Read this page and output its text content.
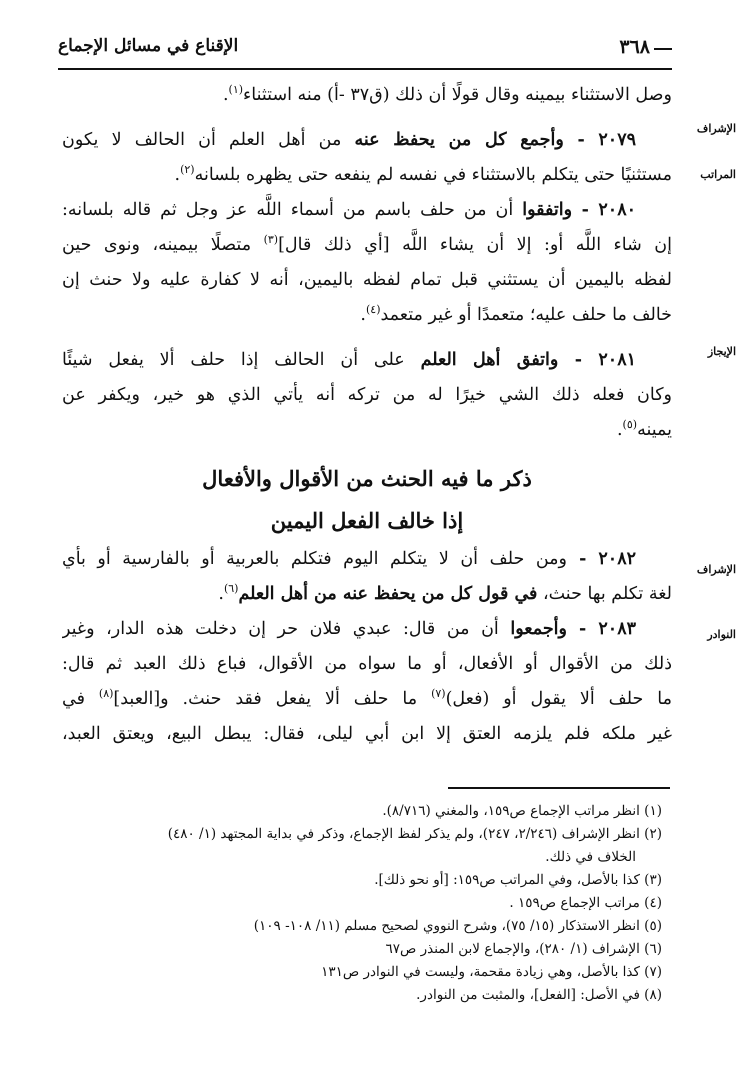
الإقناع في مسائل الإجماع	٣٦٨
الإشراف
المراتب
الإيجاز
الإشراف
النوادر
وصل الاستثناء بيمينه وقال قولًا أن ذلك (ق٣٧ -أ) منه استثناء$^{(١)}$.
٢٠٧٩ - وأجمع كل من يحفظ عنه من أهل العلم أن الحالف لا يكون
مستثنيًا حتى يتكلم بالاستثناء في نفسه لم ينفعه حتى يظهره بلسانه$^{(٢)}$.
٢٠٨٠ - واتفقوا أن من حلف باسم من أسماء اللَّه عز وجل ثم قاله بلسانه:
إن شاء اللَّه أو: إلا أن يشاء اللَّه [أي ذلك قال]$^{(٣)}$ متصلًا بيمينه، ونوى حين
لفظه باليمين أن يستثني قبل تمام لفظه باليمين، أنه لا كفارة عليه ولا حنث إن
خالف ما حلف عليه؛ متعمدًا أو غير متعمد$^{(٤)}$.
٢٠٨١ - واتفق أهل العلم على أن الحالف إذا حلف ألا يفعل شيئًا
وكان فعله ذلك الشي خيرًا له من تركه أنه يأتي الذي هو خير، ويكفر عن
يمينه$^{(٥)}$.
ذكر ما فيه الحنث من الأقوال والأفعال
إذا خالف الفعل اليمين
٢٠٨٢ - ومن حلف أن لا يتكلم اليوم فتكلم بالعربية أو بالفارسية أو بأي
لغة تكلم بها حنث، في قول كل من يحفظ عنه من أهل العلم$^{(٦)}$.
٢٠٨٣ - وأجمعوا أن من قال: عبدي فلان حر إن دخلت هذه الدار، وغير
ذلك من الأقوال أو الأفعال، أو ما سواه من الأقوال، فباع ذلك العبد ثم قال:
ما حلف ألا يقول أو (فعل)$^{(٧)}$ ما حلف ألا يفعل فقد حنث. و[العبد]$^{(٨)}$ في
غير ملكه فلم يلزمه العتق إلا ابن أبي ليلى، فقال: يبطل البيع، ويعتق العبد،
(١) انظر مراتب الإجماع ص١٥٩، والمغني (٨/٧١٦).
(٢) انظر الإشراف (٢/٢٤٦، ٢٤٧)، ولم يذكر لفظ الإجماع، وذكر في بداية المجتهد (١/ ٤٨٠)
الخلاف في ذلك.
(٣) كذا بالأصل، وفي المراتب ص١٥٩: [أو نحو ذلك].
(٤) مراتب الإجماع ص١٥٩ .
(٥) انظر الاستذكار (١٥/ ٧٥)، وشرح النووي لصحيح مسلم (١١/ ١٠٨- ١٠٩)
(٦) الإشراف (١/ ٢٨٠)، والإجماع لابن المنذر ص٦٧
(٧) كذا بالأصل، وهي زيادة مقحمة، وليست في النوادر ص١٣١
(٨) في الأصل: [الفعل]، والمثبت من النوادر.
